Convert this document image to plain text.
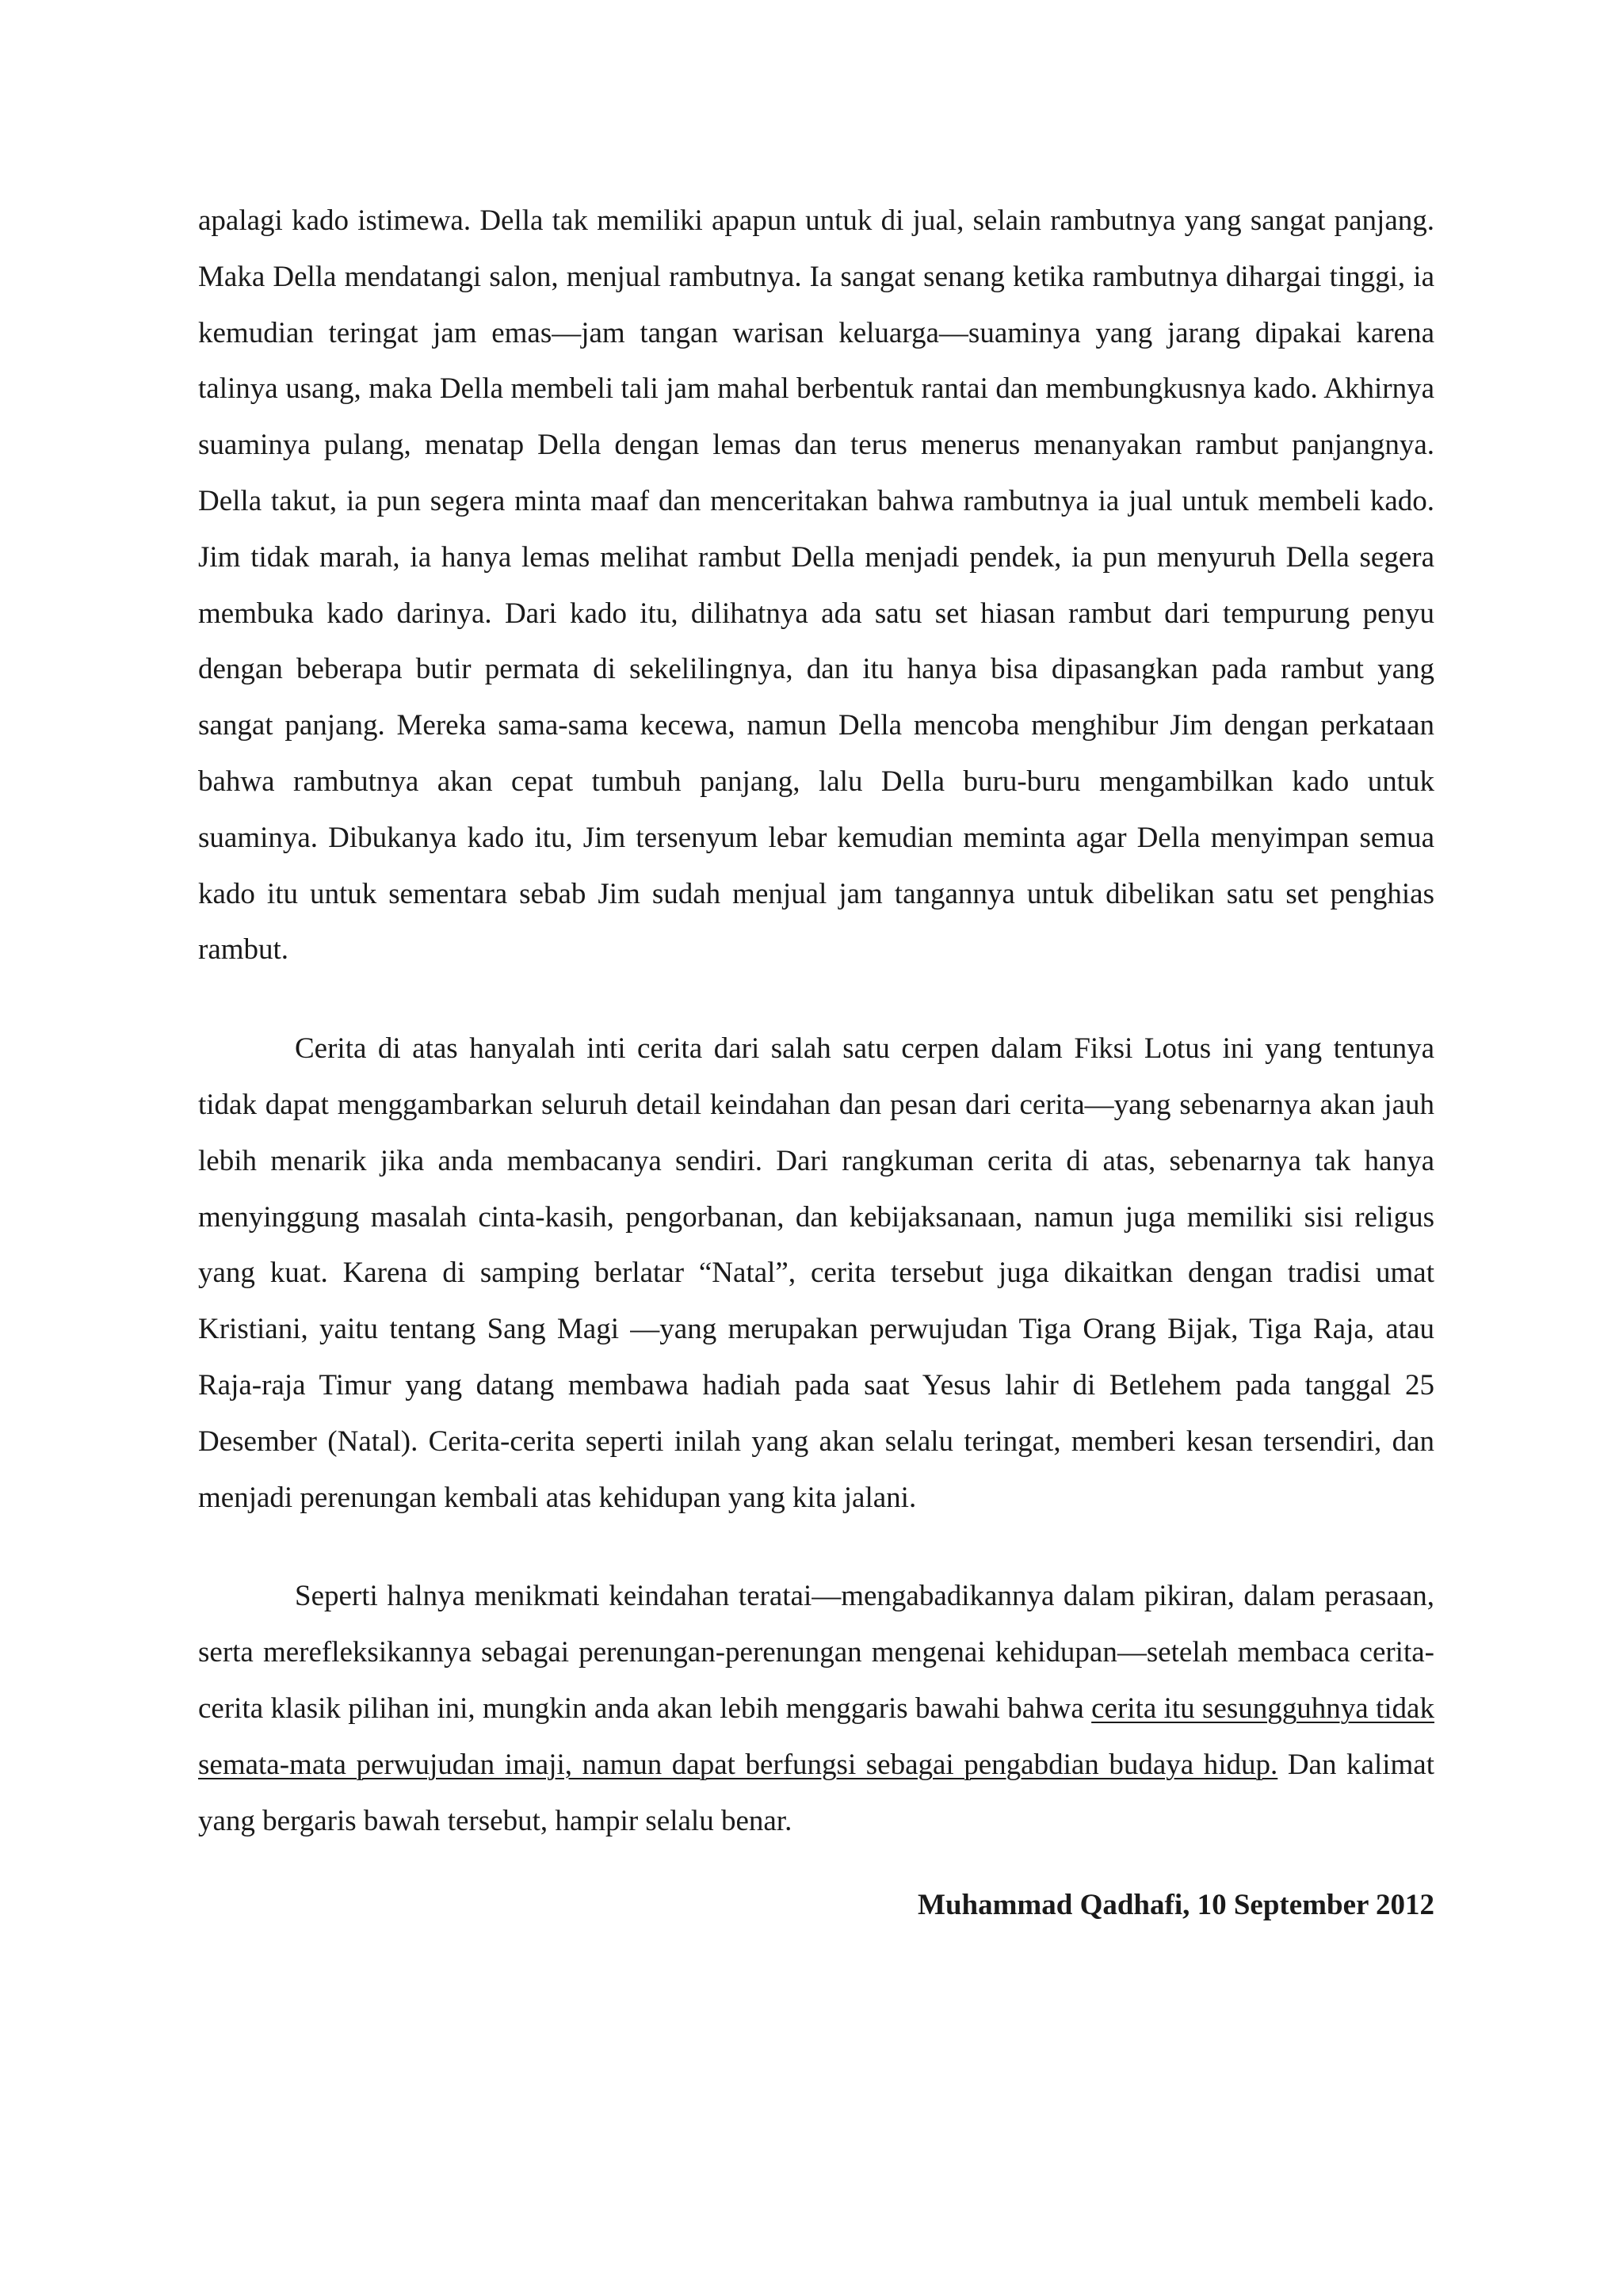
apalagi kado istimewa. Della tak memiliki apapun untuk di jual, selain rambutnya yang sangat panjang. Maka Della mendatangi salon, menjual rambutnya. Ia sangat senang ketika rambutnya dihargai tinggi, ia kemudian teringat jam emas—jam tangan warisan keluarga—suaminya yang jarang dipakai karena talinya usang, maka Della membeli tali jam mahal berbentuk rantai dan membungkusnya kado. Akhirnya suaminya pulang, menatap Della dengan lemas dan terus menerus menanyakan rambut panjangnya. Della takut, ia pun segera minta maaf dan menceritakan bahwa rambutnya ia jual untuk membeli kado. Jim tidak marah, ia hanya lemas melihat rambut Della menjadi pendek, ia pun menyuruh Della segera membuka kado darinya. Dari kado itu, dilihatnya ada satu set hiasan rambut dari tempurung penyu dengan beberapa butir permata di sekelilingnya, dan itu hanya bisa dipasangkan pada rambut yang sangat panjang. Mereka sama-sama kecewa, namun Della mencoba menghibur Jim dengan perkataan bahwa rambutnya akan cepat tumbuh panjang, lalu Della buru-buru mengambilkan kado untuk suaminya. Dibukanya kado itu, Jim tersenyum lebar kemudian meminta agar Della menyimpan semua kado itu untuk sementara sebab Jim sudah menjual jam tangannya untuk dibelikan satu set penghias rambut.

Cerita di atas hanyalah inti cerita dari salah satu cerpen dalam Fiksi Lotus ini yang tentunya tidak dapat menggambarkan seluruh detail keindahan dan pesan dari cerita—yang sebenarnya akan jauh lebih menarik jika anda membacanya sendiri. Dari rangkuman cerita di atas, sebenarnya tak hanya menyinggung masalah cinta-kasih, pengorbanan, dan kebijaksanaan, namun juga memiliki sisi religus yang kuat. Karena di samping berlatar “Natal”, cerita tersebut juga dikaitkan dengan tradisi umat Kristiani, yaitu tentang Sang Magi —yang merupakan perwujudan Tiga Orang Bijak, Tiga Raja, atau Raja-raja Timur yang datang membawa hadiah pada saat Yesus lahir di Betlehem pada tanggal 25 Desember (Natal). Cerita-cerita seperti inilah yang akan selalu teringat, memberi kesan tersendiri, dan menjadi perenungan kembali atas kehidupan yang kita jalani.

Seperti halnya menikmati keindahan teratai—mengabadikannya dalam pikiran, dalam perasaan, serta merefleksikannya sebagai perenungan-perenungan mengenai kehidupan—setelah membaca cerita-cerita klasik pilihan ini, mungkin anda akan lebih menggaris bawahi bahwa cerita itu sesungguhnya tidak semata-mata perwujudan imaji, namun dapat berfungsi sebagai pengabdian budaya hidup. Dan kalimat yang bergaris bawah tersebut, hampir selalu benar.

Muhammad Qadhafi, 10 September 2012
